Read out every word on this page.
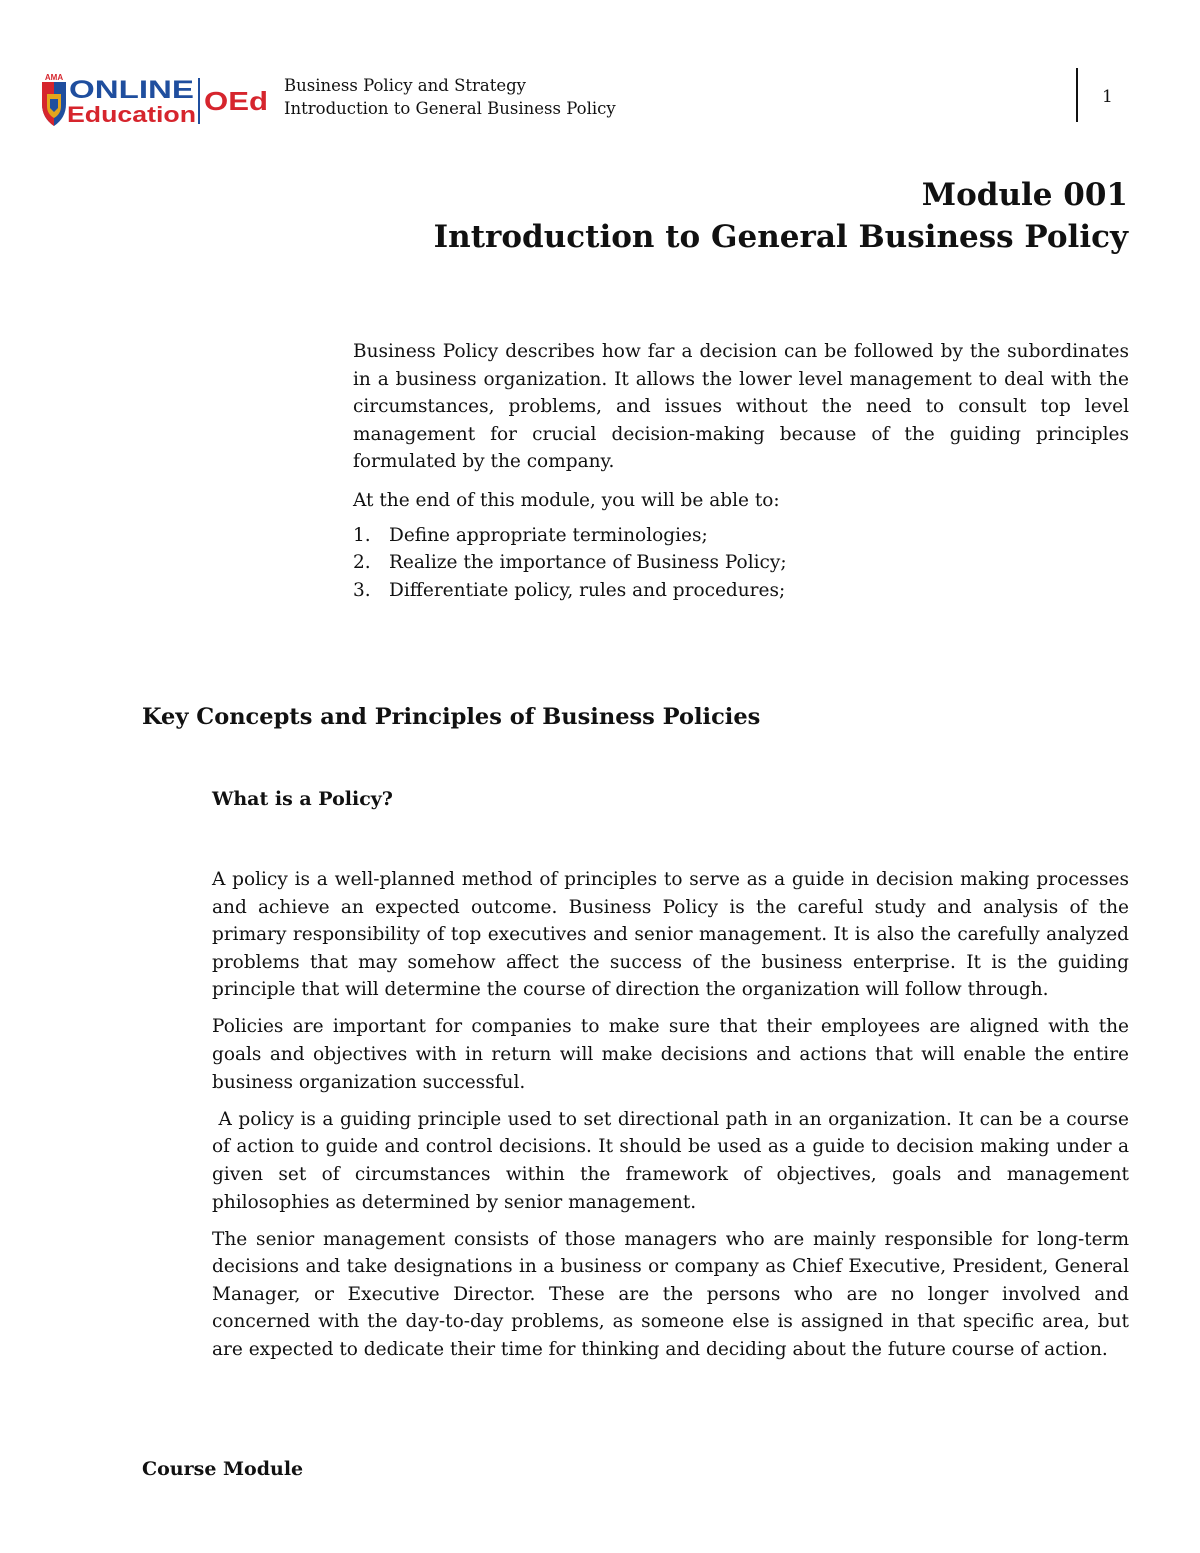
AMA ONLINE
Education OEd
Business Policy and Strategy
Introduction to General Business Policy
1
Module 001
Introduction to General Business Policy

Business Policy describes how far a decision can be followed by the subordinates in a business organization. It allows the lower level management to deal with the circumstances, problems, and issues without the need to consult top level management for crucial decision-making because of the guiding principles formulated by the company.

At the end of this module, you will be able to:
1. Define appropriate terminologies;
2. Realize the importance of Business Policy;
3. Differentiate policy, rules and procedures;
Key Concepts and Principles of Business Policies
What is a Policy?

A policy is a well-planned method of principles to serve as a guide in decision making processes and achieve an expected outcome. Business Policy is the careful study and analysis of the primary responsibility of top executives and senior management. It is also the carefully analyzed problems that may somehow affect the success of the business enterprise. It is the guiding principle that will determine the course of direction the organization will follow through.

Policies are important for companies to make sure that their employees are aligned with the goals and objectives with in return will make decisions and actions that will enable the entire business organization successful.

A policy is a guiding principle used to set directional path in an organization. It can be a course of action to guide and control decisions. It should be used as a guide to decision making under a given set of circumstances within the framework of objectives, goals and management philosophies as determined by senior management.

The senior management consists of those managers who are mainly responsible for long-term decisions and take designations in a business or company as Chief Executive, President, General Manager, or Executive Director. These are the persons who are no longer involved and concerned with the day-to-day problems, as someone else is assigned in that specific area, but are expected to dedicate their time for thinking and deciding about the future course of action.

Course Module
